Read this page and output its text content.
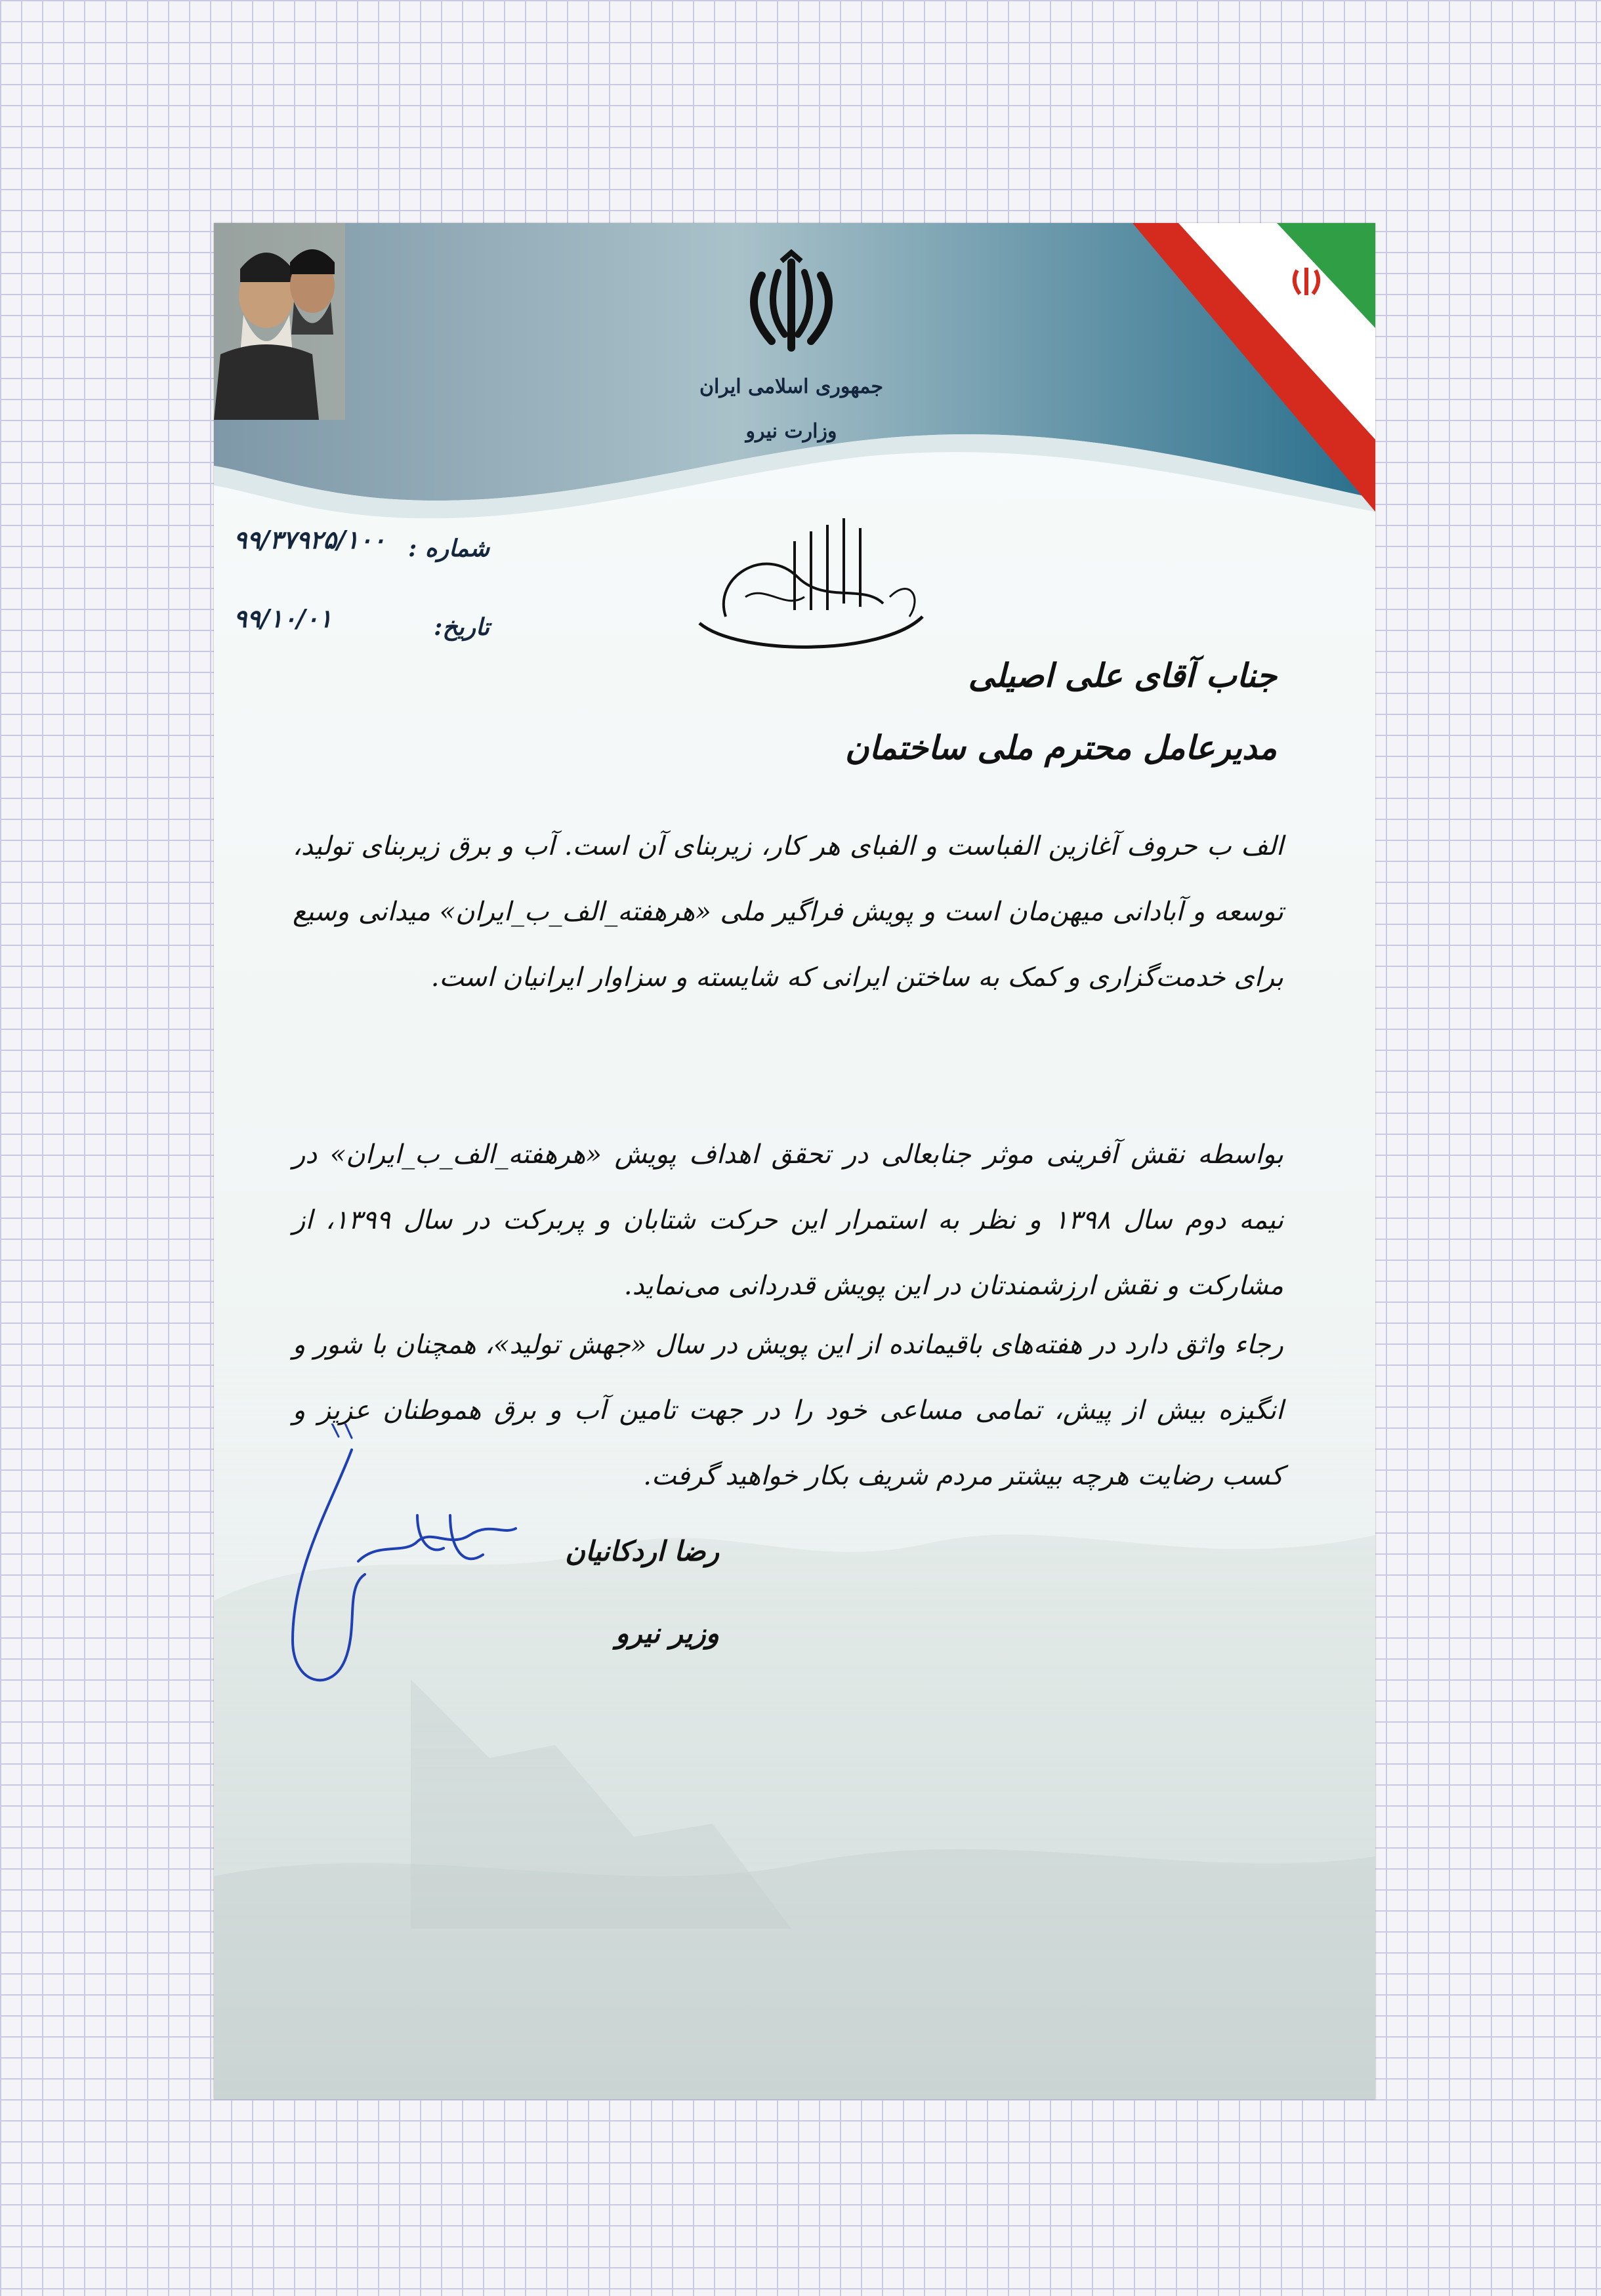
جمهوری اسلامی ایران
وزارت نیرو
شماره :
۹۹/۳۷۹۲۵/۱۰۰
تاریخ:
۹۹/۱۰/۰۱
جناب آقای علی اصیلی
مدیرعامل محترم ملی ساختمان
الف ب حروف آغازین الفباست و الفبای هر کار، زیربنای آن است. آب و برق زیربنای تولید، توسعه و آبادانی میهن‌مان است و پویش فراگیر ملی «هرهفته_الف_ب_ایران» میدانی وسیع برای خدمت‌گزاری و کمک به ساختن ایرانی که شایسته و سزاوار ایرانیان است.
بواسطه نقش آفرینی موثر جنابعالی در تحقق اهداف پویش «هرهفته_الف_ب_ایران» در نیمه دوم سال ۱۳۹۸ و نظر به استمرار این حرکت شتابان و پربرکت در سال ۱۳۹۹، از مشارکت و نقش ارزشمندتان در این پویش قدردانی می‌نماید.
رجاء واثق دارد در هفته‌های باقیمانده از این پویش در سال «جهش تولید»، همچنان با شور و انگیزه بیش از پیش، تمامی مساعی خود را در جهت تامین آب و برق هموطنان عزیز و کسب رضایت هرچه بیشتر مردم شریف بکار خواهید گرفت.
رضا اردکانیان
وزیر نیرو
